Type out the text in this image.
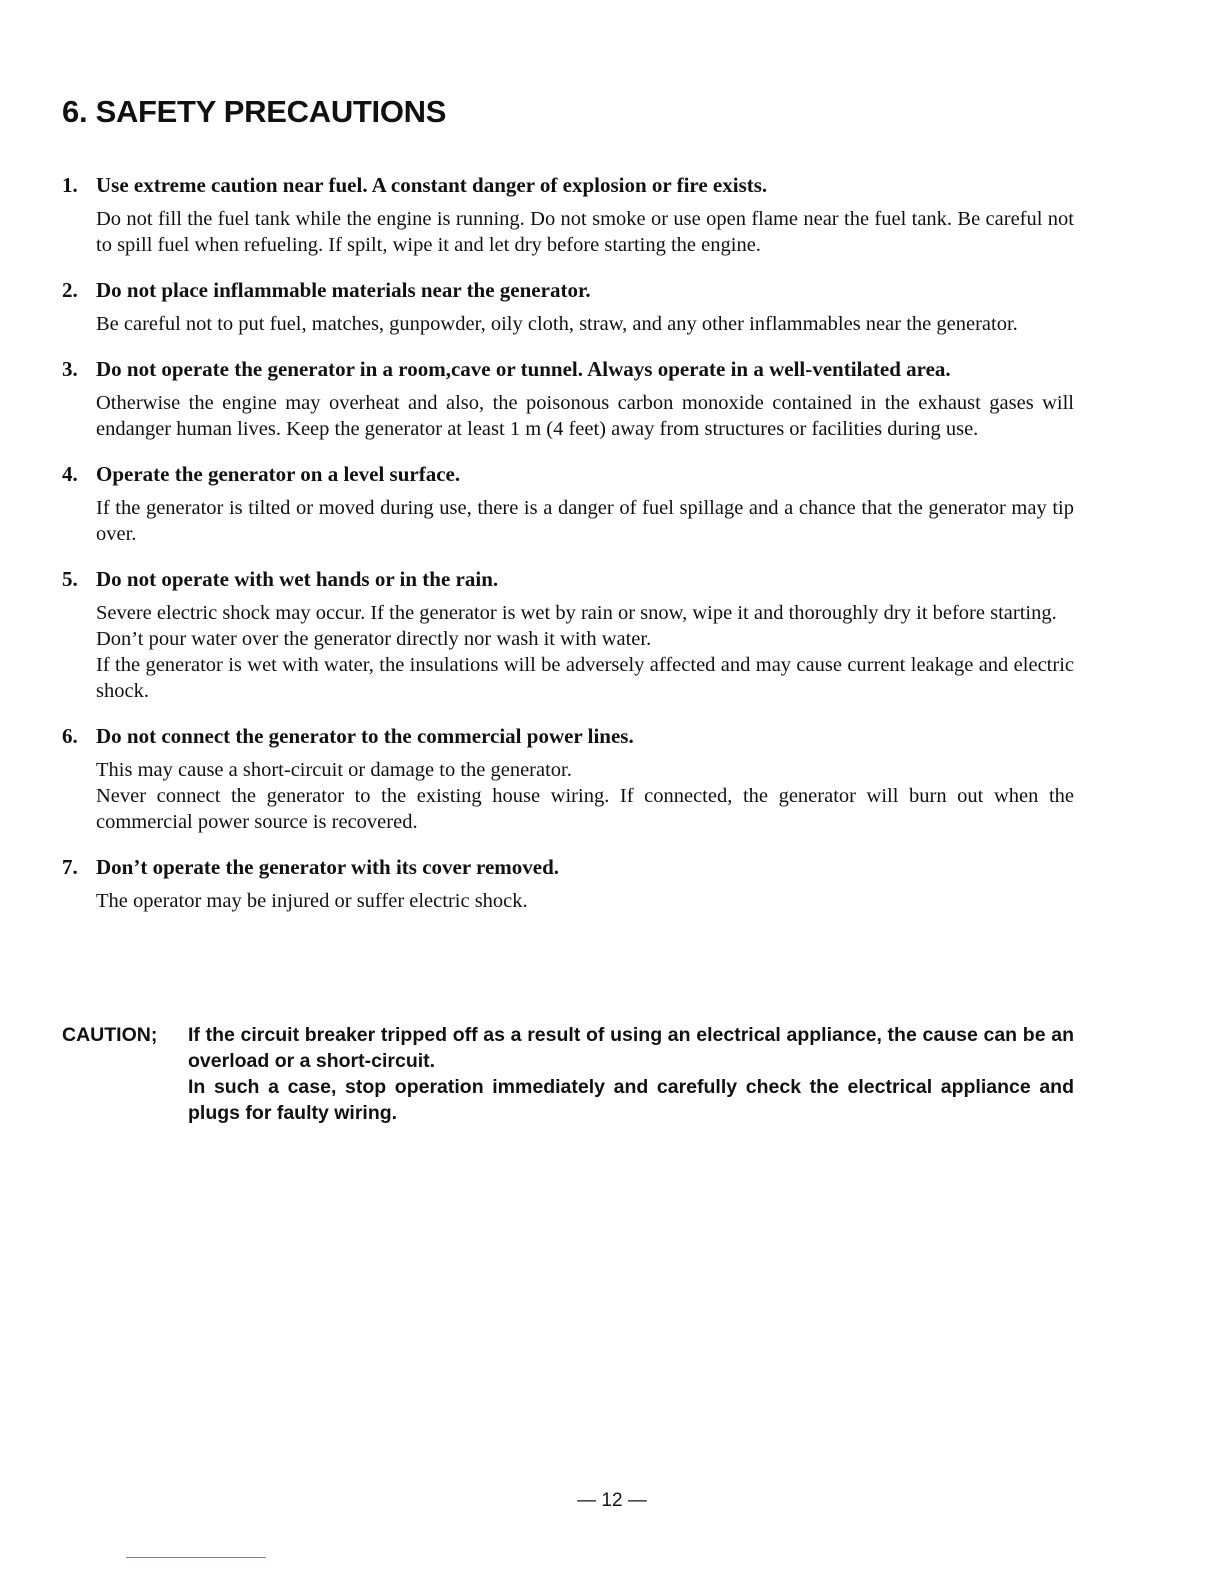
6. SAFETY PRECAUTIONS
1. Use extreme caution near fuel. A constant danger of explosion or fire exists.

Do not fill the fuel tank while the engine is running. Do not smoke or use open flame near the fuel tank. Be careful not to spill fuel when refueling. If spilt, wipe it and let dry before starting the engine.

2. Do not place inflammable materials near the generator.

Be careful not to put fuel, matches, gunpowder, oily cloth, straw, and any other inflammables near the generator.

3. Do not operate the generator in a room,cave or tunnel. Always operate in a well-ventilated area.

Otherwise the engine may overheat and also, the poisonous carbon monoxide contained in the exhaust gases will endanger human lives. Keep the generator at least 1 m (4 feet) away from structures or facilities during use.

4. Operate the generator on a level surface.

If the generator is tilted or moved during use, there is a danger of fuel spillage and a chance that the generator may tip over.

5. Do not operate with wet hands or in the rain.

Severe electric shock may occur. If the generator is wet by rain or snow, wipe it and thoroughly dry it before starting.

Don’t pour water over the generator directly nor wash it with water.

If the generator is wet with water, the insulations will be adversely affected and may cause current leakage and electric shock.

6. Do not connect the generator to the commercial power lines.

This may cause a short-circuit or damage to the generator.

Never connect the generator to the existing house wiring. If connected, the generator will burn out when the commercial power source is recovered.

7. Don’t operate the generator with its cover removed.

The operator may be injured or suffer electric shock.

CAUTION; If the circuit breaker tripped off as a result of using an electrical appliance, the cause can be an overload or a short-circuit.

In such a case, stop operation immediately and carefully check the electrical appliance and plugs for faulty wiring.

— 12 —
